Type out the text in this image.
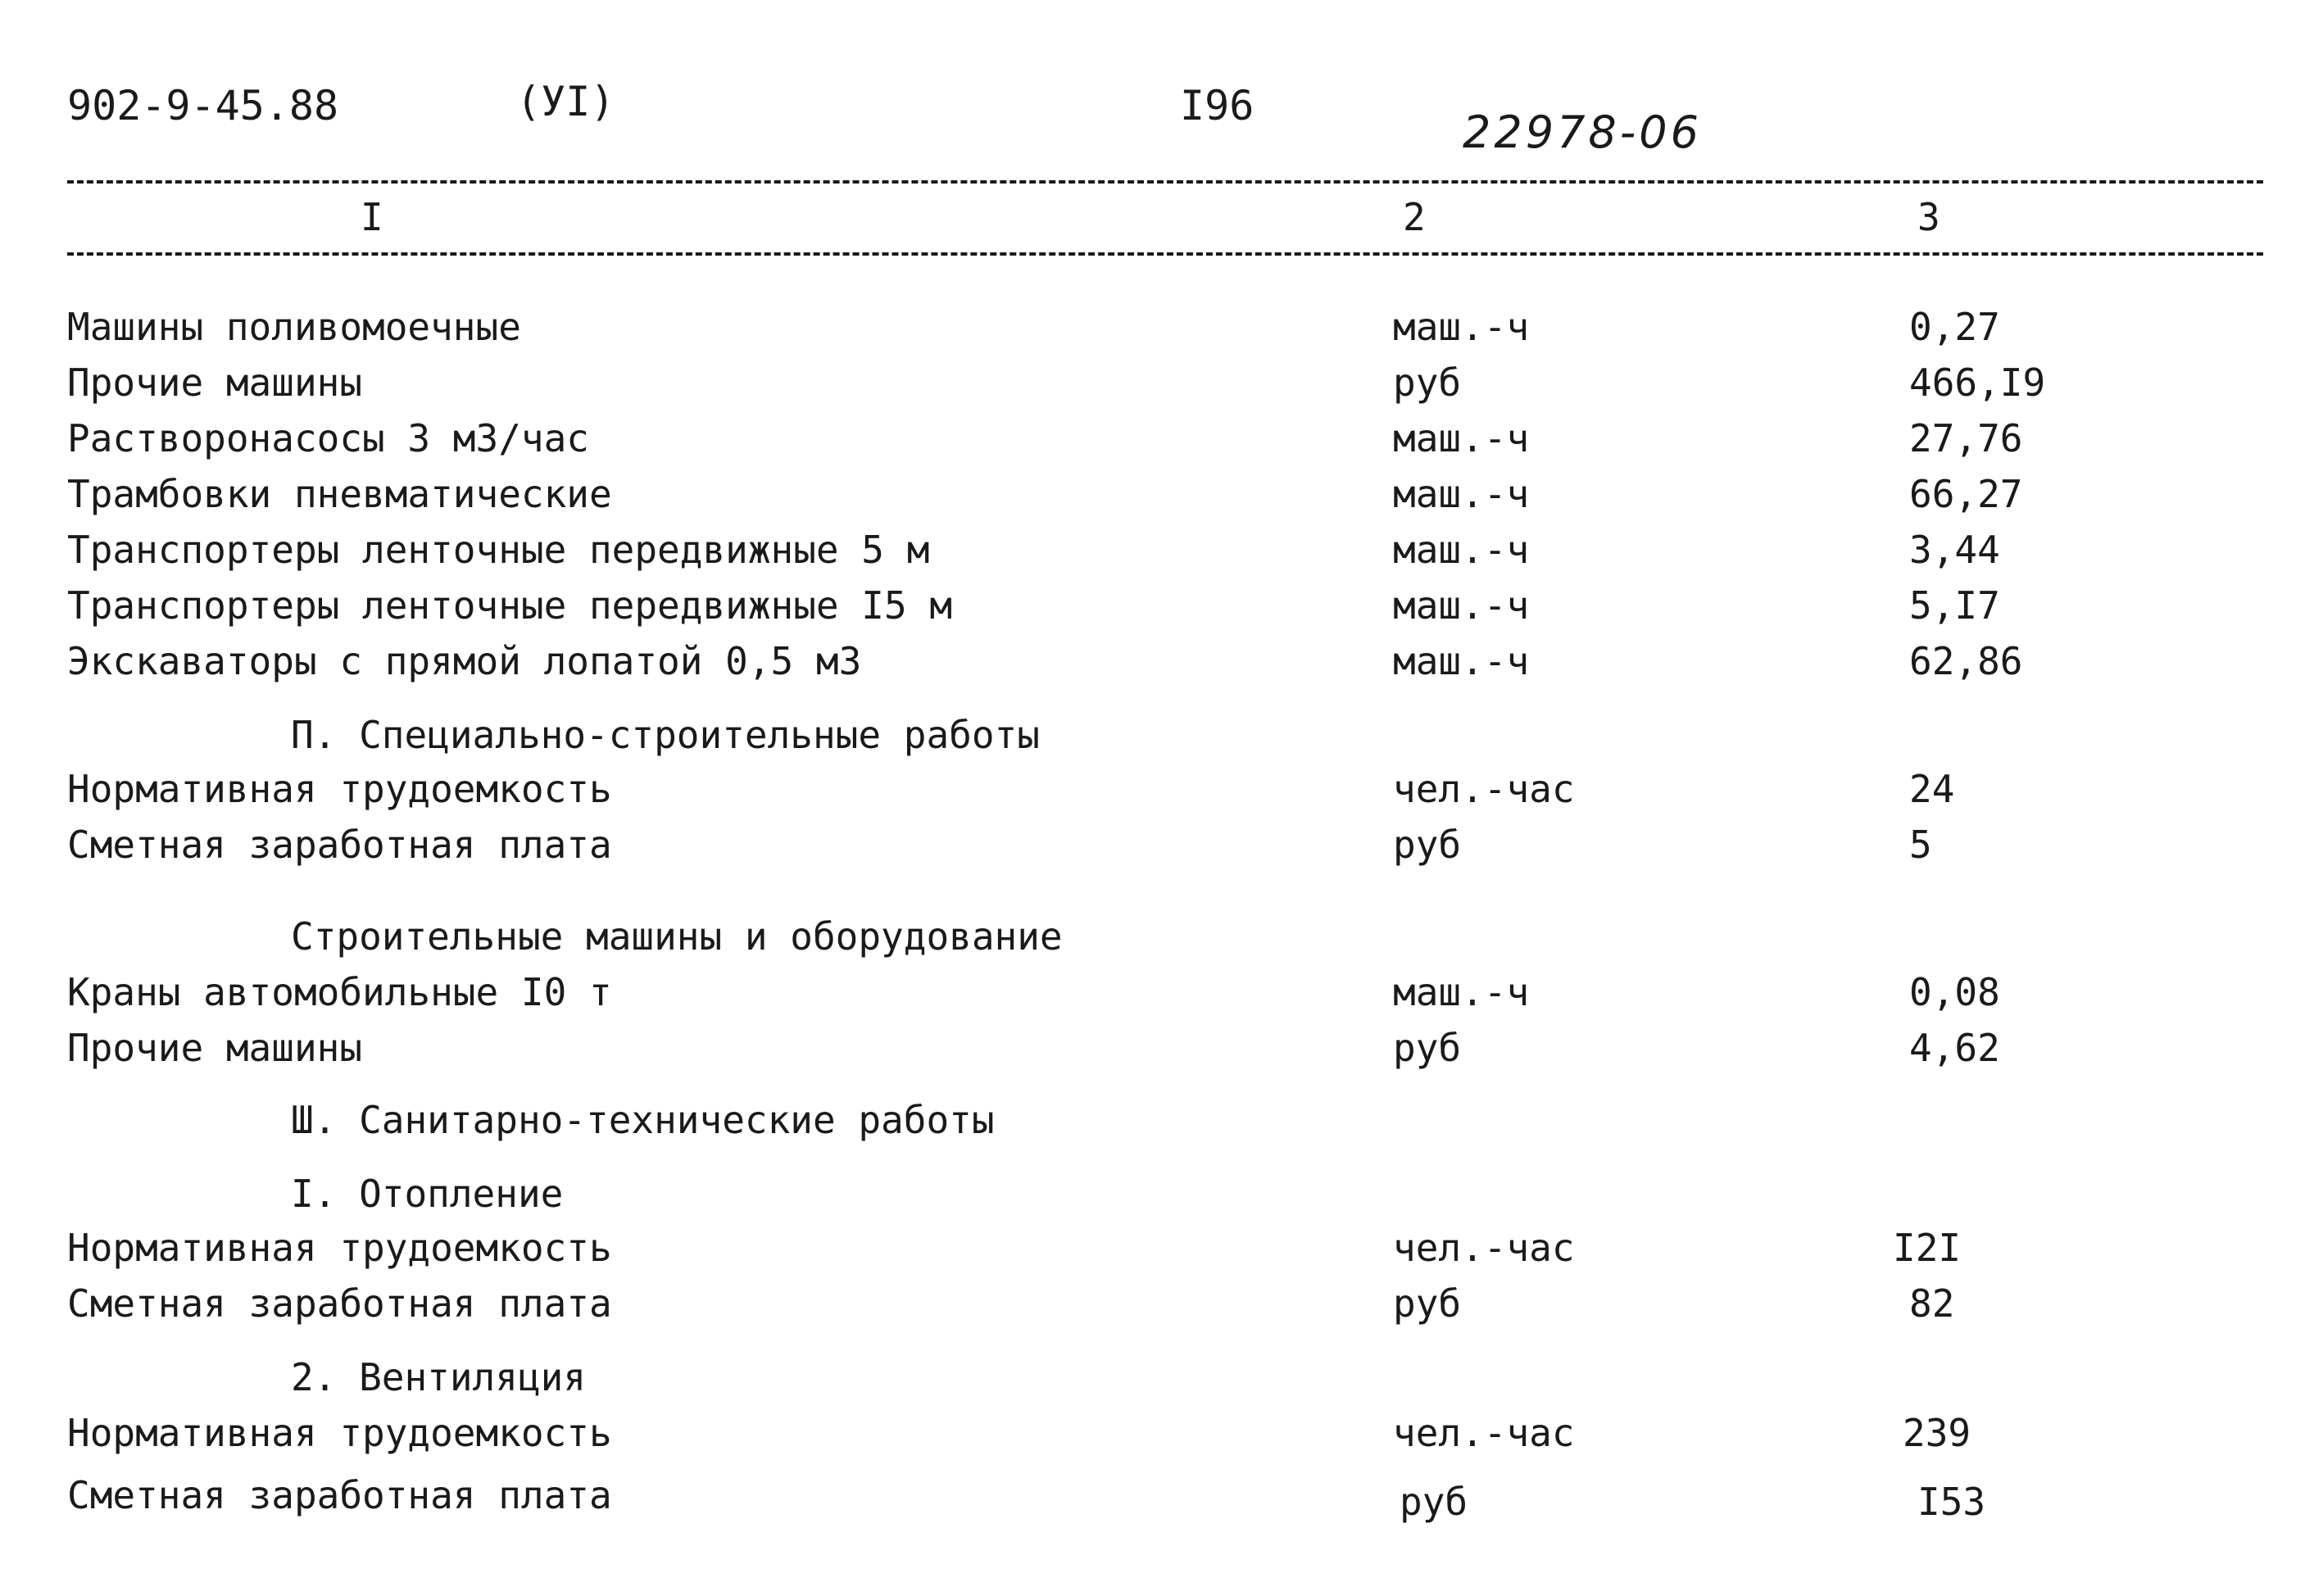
902-9-45.88	(УI)	I96
22978-06
I	2	3
Машины поливомоечные	маш.-ч	0,27
Прочие машины	руб	466,I9
Растворонасосы 3 м3/час	маш.-ч	27,76
Трамбовки пневматические	маш.-ч	66,27
Транспортеры ленточные передвижные 5 м	маш.-ч	3,44
Транспортеры ленточные передвижные I5 м	маш.-ч	5,I7
Экскаваторы с прямой лопатой 0,5 м3	маш.-ч	62,86
П. Специально-строительные работы
Нормативная трудоемкость	чел.-час	24
Сметная заработная плата	руб	5
Строительные машины и оборудование
Краны автомобильные I0 т	маш.-ч	0,08
Прочие машины	руб	4,62
Ш. Санитарно-технические работы
I. Отопление
Нормативная трудоемкость	чел.-час	I2I
Сметная заработная плата	руб	82
2. Вентиляция
Нормативная трудоемкость	чел.-час	239
Сметная заработная плата	руб	I53
